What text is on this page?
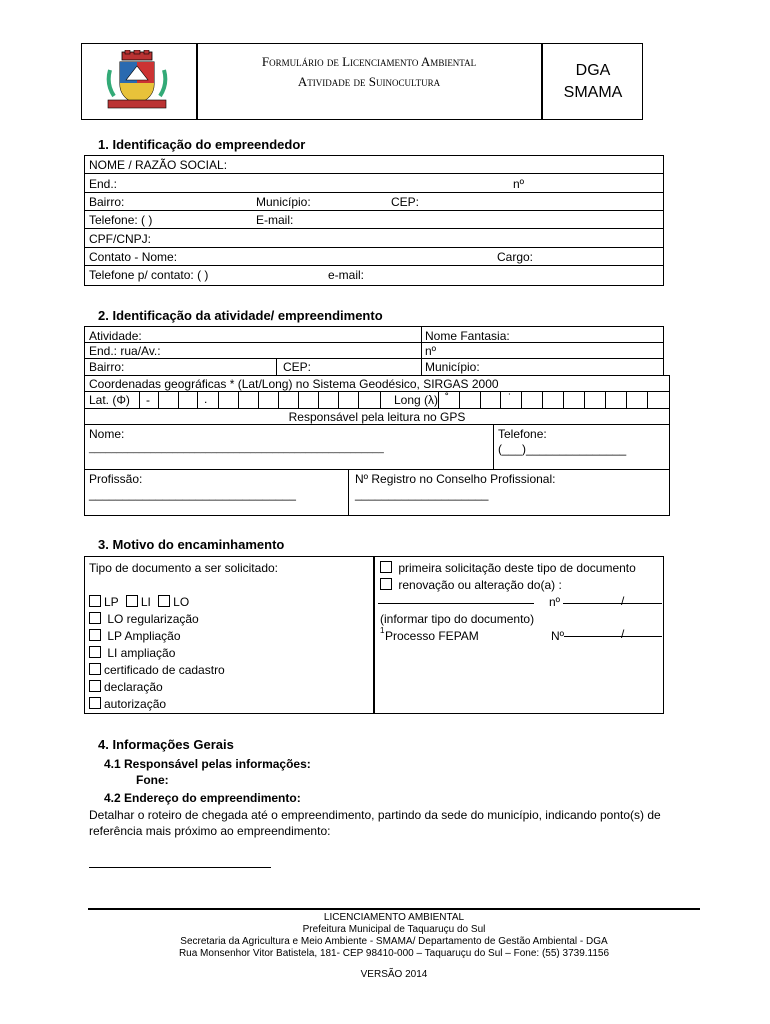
Formulário de Licenciamento Ambiental
Atividade de Suinocultura
DGA
SMAMA
1. Identificação do empreendedor
NOME / RAZÃO SOCIAL:
End.:	nº
Bairro:	Município:	CEP:
Telefone: ( )	E-mail:
CPF/CNPJ:
Contato - Nome:	Cargo:
Telefone p/ contato: ( )	e-mail:
2. Identificação da atividade/ empreendimento
Atividade:	Nome Fantasia:
End.: rua/Av.:	nº
Bairro:	CEP:	Município:
Coordenadas geográficas * (Lat/Long) no Sistema Geodésico, SIRGAS 2000
Lat. (Φ) -	.	Long (λ) ˚	˙
Responsável pela leitura no GPS
Nome:
_____________________________________________________
Telefone:
(___)_______________
Profissão:
_______________________________
Nº Registro no Conselho Profissional:
____________________
3. Motivo do encaminhamento
Tipo de documento a ser solicitado:
LP LI LO
LO regularização
LP Ampliação
LI ampliação
certificado de cadastro
declaração
autorização
primeira solicitação deste tipo de documento
renovação ou alteração do(a) :
nº	/
(informar tipo do documento)
1 Processo FEPAM	Nº	/
4. Informações Gerais
4.1 Responsável pelas informações:
Fone:
4.2 Endereço do empreendimento:
Detalhar o roteiro de chegada até o empreendimento, partindo da sede do município, indicando ponto(s) de
referência mais próximo ao empreendimento:
LICENCIAMENTO AMBIENTAL
Prefeitura Municipal de Taquaruçu do Sul
Secretaria da Agricultura e Meio Ambiente - SMAMA/ Departamento de Gestão Ambiental - DGA
Rua Monsenhor Vitor Batistela, 181- CEP 98410-000 – Taquaruçu do Sul – Fone: (55) 3739.1156
VERSÃO 2014
